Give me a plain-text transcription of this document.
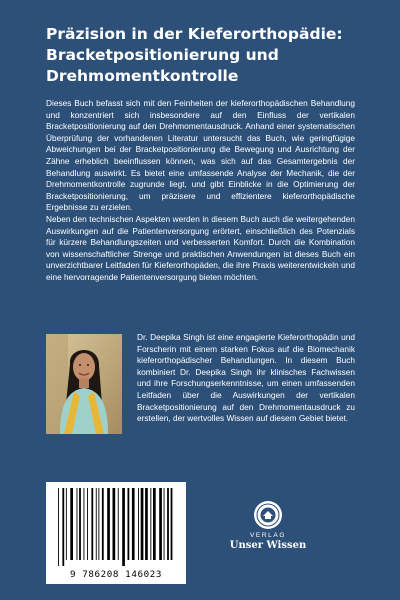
Präzision in der Kieferorthopädie:
Bracketpositionierung und
Drehmomentkontrolle

Dieses Buch befasst sich mit den Feinheiten der kieferorthopädischen Behandlung und konzentriert sich insbesondere auf den Einfluss der vertikalen Bracketpositionierung auf den Drehmomentausdruck. Anhand einer systematischen Überprüfung der vorhandenen Literatur untersucht das Buch, wie geringfügige Abweichungen bei der Bracketpositionierung die Bewegung und Ausrichtung der Zähne erheblich beeinflussen können, was sich auf das Gesamtergebnis der Behandlung auswirkt. Es bietet eine umfassende Analyse der Mechanik, die der Drehmomentkontrolle zugrunde liegt, und gibt Einblicke in die Optimierung der Bracketpositionierung, um präzisere und effizientere kieferorthopädische Ergebnisse zu erzielen.

Neben den technischen Aspekten werden in diesem Buch auch die weitergehenden Auswirkungen auf die Patientenversorgung erörtert, einschließlich des Potenzials für kürzere Behandlungszeiten und verbesserten Komfort. Durch die Kombination von wissenschaftlicher Strenge und praktischen Anwendungen ist dieses Buch ein unverzichtbarer Leitfaden für Kieferorthopäden, die ihre Praxis weiterentwickeln und eine hervorragende Patientenversorgung bieten möchten.

Dr. Deepika Singh ist eine engagierte Kieferorthopädin und Forscherin mit einem starken Fokus auf die Biomechanik kieferorthopädischer Behandlungen. In diesem Buch kombiniert Dr. Deepika Singh ihr klinisches Fachwissen und ihre Forschungserkenntnisse, um einen umfassenden Leitfaden über die Auswirkungen der vertikalen Bracketpositionierung auf den Drehmomentausdruck zu erstellen, der wertvolles Wissen auf diesem Gebiet bietet.

9 786208 146023
VERLAG
Unser Wissen
